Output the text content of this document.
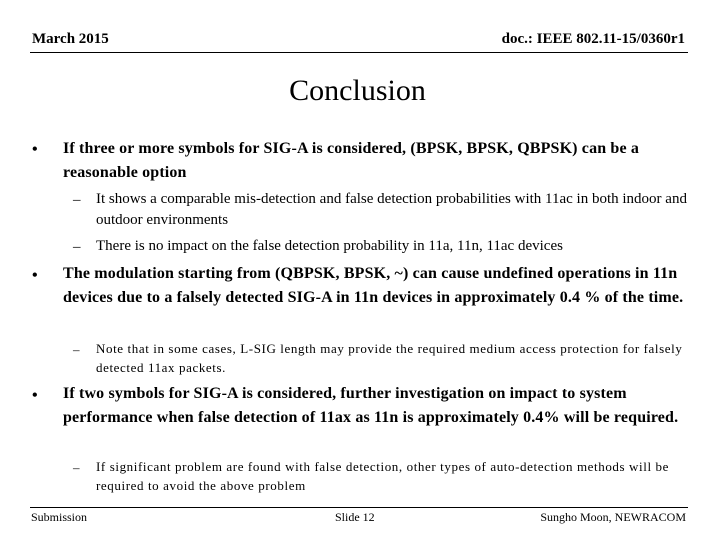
March 2015	doc.: IEEE 802.11-15/0360r1
Conclusion
• If three or more symbols for SIG-A is considered, (BPSK, BPSK, QBPSK) can be a reasonable option
– It shows a comparable mis-detection and false detection probabilities with 11ac in both indoor and outdoor environments
– There is no impact on the false detection probability in 11a, 11n, 11ac devices
• The modulation starting from (QBPSK, BPSK, ~) can cause undefined operations in 11n devices due to a falsely detected SIG-A in 11n devices in approximately 0.4 % of the time.
– Note that in some cases, L-SIG length may provide the required medium access protection for falsely detected 11ax packets.
• If two symbols for SIG-A is considered, further investigation on impact to system performance when false detection of 11ax as 11n is approximately 0.4% will be required.
– If significant problem are found with false detection, other types of auto-detection methods will be required to avoid the above problem
Submission	Slide 12	Sungho Moon, NEWRACOM
